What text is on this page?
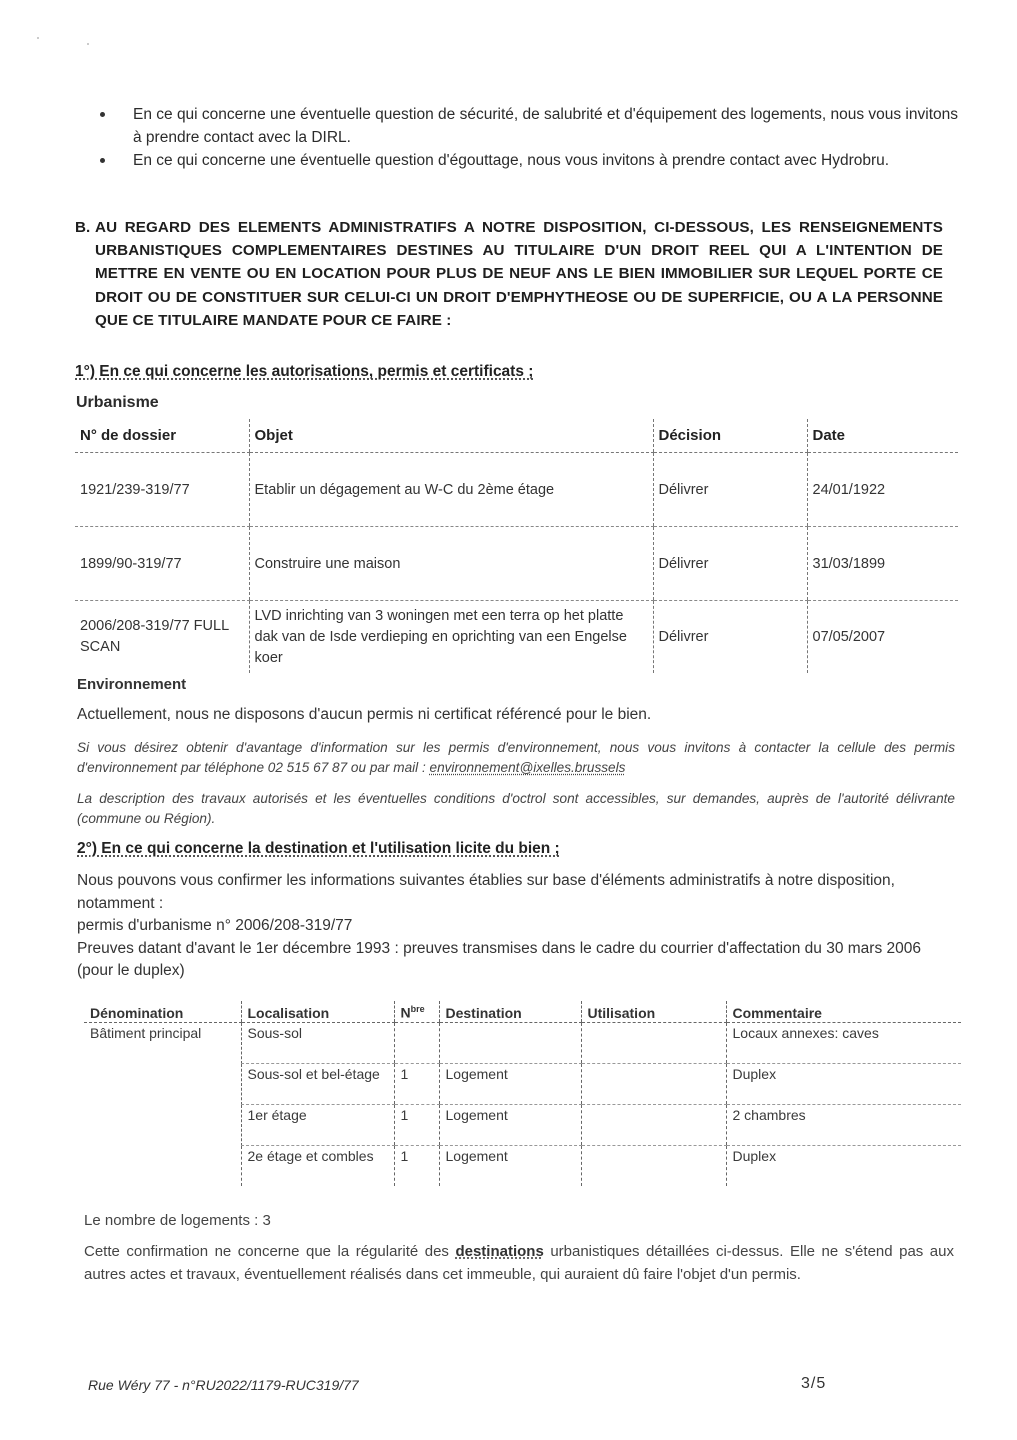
En ce qui concerne une éventuelle question de sécurité, de salubrité et d'équipement des logements, nous vous invitons à prendre contact avec la DIRL.
En ce qui concerne une éventuelle question d'égouttage, nous vous invitons à prendre contact avec Hydrobru.
B. AU REGARD DES ELEMENTS ADMINISTRATIFS A NOTRE DISPOSITION, CI-DESSOUS, LES RENSEIGNEMENTS URBANISTIQUES COMPLEMENTAIRES DESTINES AU TITULAIRE D'UN DROIT REEL QUI A L'INTENTION DE METTRE EN VENTE OU EN LOCATION POUR PLUS DE NEUF ANS LE BIEN IMMOBILIER SUR LEQUEL PORTE CE DROIT OU DE CONSTITUER SUR CELUI-CI UN DROIT D'EMPHYTHEOSE OU DE SUPERFICIE, OU A LA PERSONNE QUE CE TITULAIRE MANDATE POUR CE FAIRE :
1°) En ce qui concerne les autorisations, permis et certificats ;
Urbanisme
N° de dossier	Objet	Décision	Date
1921/239-319/77	Etablir un dégagement au W-C du 2ème étage	Délivrer	24/01/1922
1899/90-319/77	Construire une maison	Délivrer	31/03/1899
2006/208-319/77 FULL SCAN	LVD inrichting van 3 woningen met een terra op het platte dak van de Isde verdieping en oprichting van een Engelse koer	Délivrer	07/05/2007
Environnement
Actuellement, nous ne disposons d'aucun permis ni certificat référencé pour le bien.
Si vous désirez obtenir d'avantage d'information sur les permis d'environnement, nous vous invitons à contacter la cellule des permis d'environnement par téléphone 02 515 67 87 ou par mail : environnement@ixelles.brussels
La description des travaux autorisés et les éventuelles conditions d'octrol sont accessibles, sur demandes, auprès de l'autorité délivrante (commune ou Région).
2°) En ce qui concerne la destination et l'utilisation licite du bien ;
Nous pouvons vous confirmer les informations suivantes établies sur base d'éléments administratifs à notre disposition, notamment :
permis d'urbanisme n° 2006/208-319/77
Preuves datant d'avant le 1er décembre 1993 : preuves transmises dans le cadre du courrier d'affectation du 30 mars 2006 (pour le duplex)
Dénomination	Localisation	$N^{bre}$	Destination	Utilisation	Commentaire
Bâtiment principal	Sous-sol				Locaux annexes: caves
	Sous-sol et bel-étage	1	Logement		Duplex
	1er étage	1	Logement		2 chambres
	2e étage et combles	1	Logement		Duplex
Le nombre de logements : 3
Cette confirmation ne concerne que la régularité des destinations urbanistiques détaillées ci-dessus. Elle ne s'étend pas aux autres actes et travaux, éventuellement réalisés dans cet immeuble, qui auraient dû faire l'objet d'un permis.
Rue Wéry 77 - n°RU2022/1179-RUC319/77	3/5
